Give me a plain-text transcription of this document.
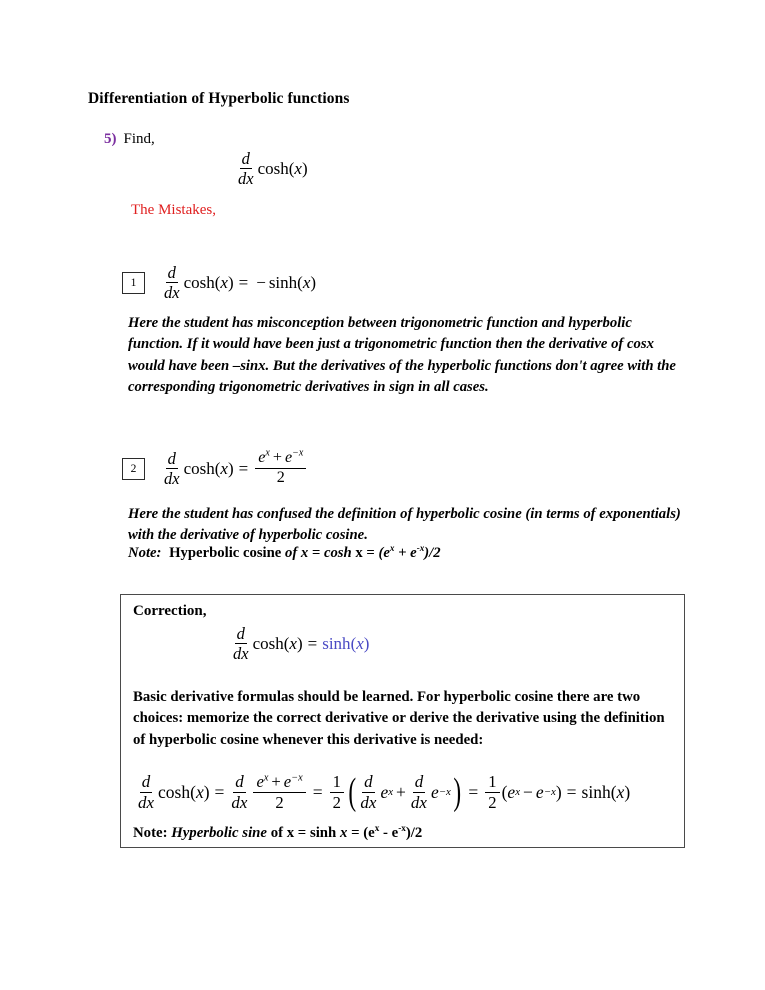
Differentiation of Hyperbolic functions
5) Find,
$\frac{d}{dx}$ cosh ( x )
The Mistakes,
1	$\frac{d}{dx}$ cosh ( x ) = − sinh ( x )
Here the student has misconception between trigonometric function and hyperbolic function. If it would have been just a trigonometric function then the derivative of cosx would have been –sinx. But the derivatives of the hyperbolic functions don't agree with the corresponding trigonometric derivatives in sign in all cases.
2	$\frac{d}{dx}$ cosh ( x ) = $\frac{e^x + e^{-x}}{2}$
Here the student has confused the definition of hyperbolic cosine (in terms of exponentials) with the derivative of hyperbolic cosine.
Note: Hyperbolic cosine of $x = \cosh x = (e^x + e^{-x})/2$
Correction,
$\frac{d}{dx}$ cosh ( x ) = sinh ( x )
Basic derivative formulas should be learned. For hyperbolic cosine there are two choices: memorize the correct derivative or derive the derivative using the definition of hyperbolic cosine whenever this derivative is needed:
$\frac{d}{dx}$ cosh ( x ) = $\frac{d}{dx} \frac{e^x + e^{-x}}{2} = \frac{1}{2}$ ( $\frac{d}{dx}$ e $x + \frac{d}{dx}$ e −x ) = $\frac{1}{2}$ ( e x − e −x ) = sinh ( x )
Note: Hyperbolic sine of $x = \sinh x = (e^x - e^{-x})/2$
